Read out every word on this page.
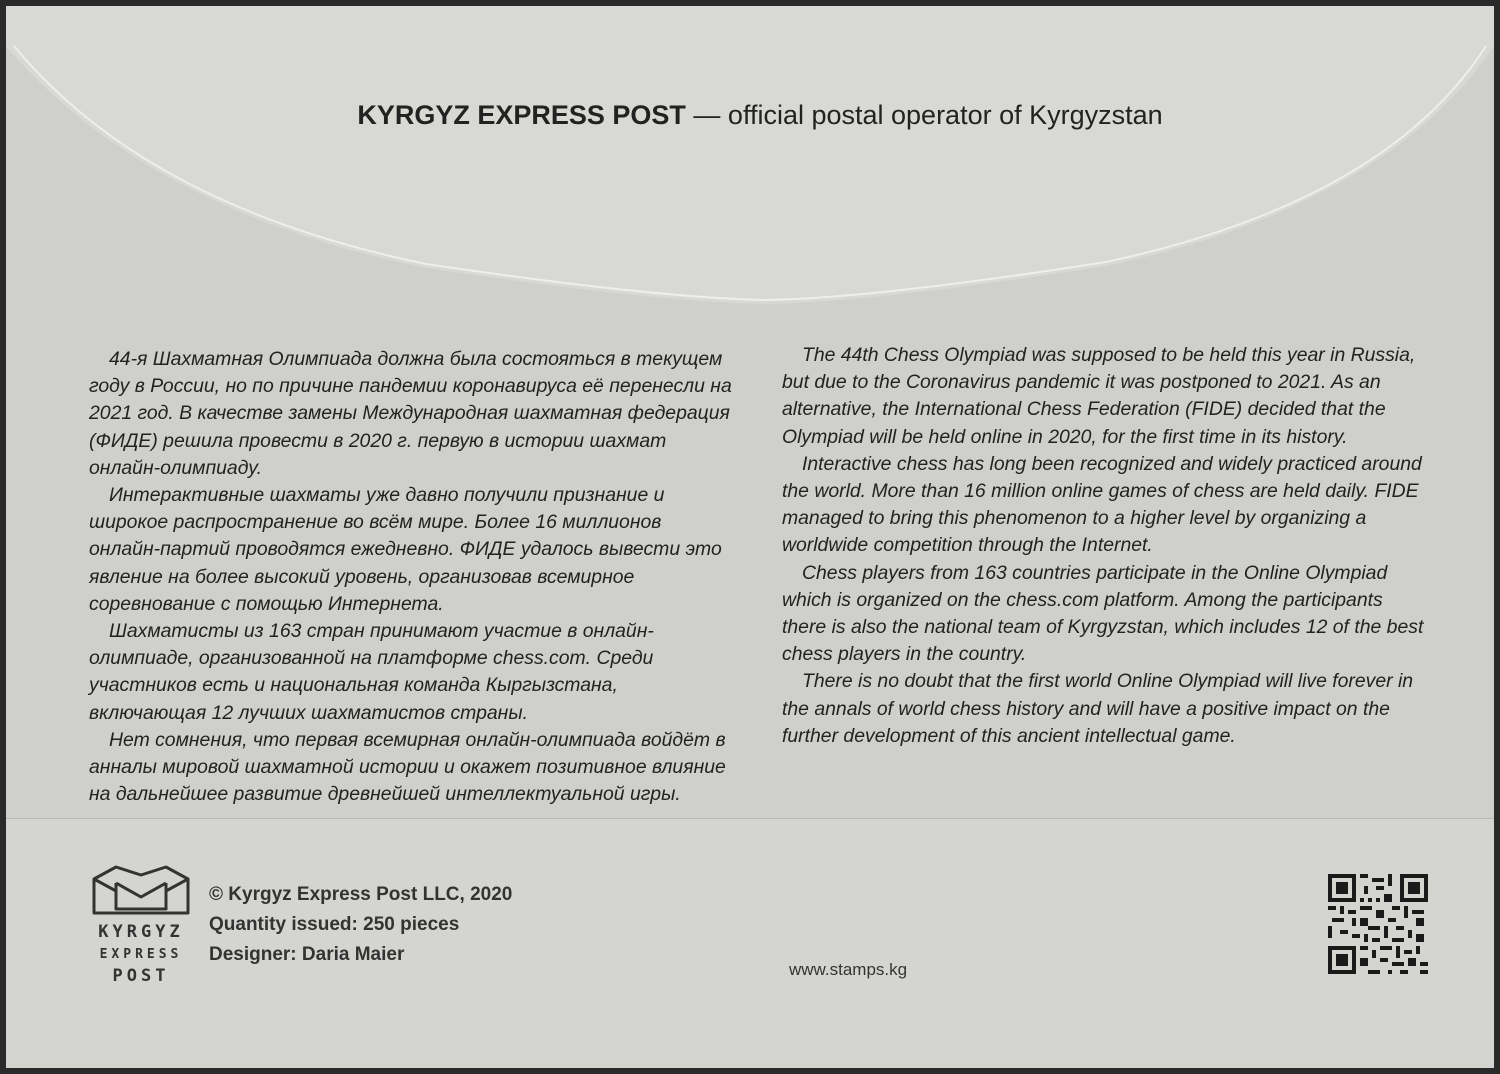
KYRGYZ EXPRESS POST — official postal operator of Kyrgyzstan

44-я Шахматная Олимпиада должна была состояться в текущем году в России, но по причине пандемии коронавируса её перенесли на 2021 год. В качестве замены Международная шахматная федерация (ФИДЕ) решила провести в 2020 г. первую в истории шахмат онлайн-олимпиаду.

Интерактивные шахматы уже давно получили признание и широкое распространение во всём мире. Более 16 миллионов онлайн-партий проводятся ежедневно. ФИДЕ удалось вывести это явление на более высокий уровень, организовав всемирное соревнование с помощью Интернета.

Шахматисты из 163 стран принимают участие в онлайн-олимпиаде, организованной на платформе chess.com. Среди участников есть и национальная команда Кыргызстана, включающая 12 лучших шахматистов страны.

Нет сомнения, что первая всемирная онлайн-олимпиада войдёт в анналы мировой шахматной истории и окажет позитивное влияние на дальнейшее развитие древнейшей интеллектуальной игры.

The 44th Chess Olympiad was supposed to be held this year in Russia, but due to the Coronavirus pandemic it was postponed to 2021. As an alternative, the International Chess Federation (FIDE) decided that the Olympiad will be held online in 2020, for the first time in its history.

Interactive chess has long been recognized and widely practiced around the world. More than 16 million online games of chess are held daily. FIDE managed to bring this phenomenon to a higher level by organizing a worldwide competition through the Internet.

Chess players from 163 countries participate in the Online Olympiad which is organized on the chess.com platform. Among the participants there is also the national team of Kyrgyzstan, which includes 12 of the best chess players in the country.

There is no doubt that the first world Online Olympiad will live forever in the annals of world chess history and will have a positive impact on the further development of this ancient intellectual game.

KYRGYZ
EXPRESS
POST
© Kyrgyz Express Post LLC, 2020
Quantity issued: 250 pieces
Designer: Daria Maier
www.stamps.kg
